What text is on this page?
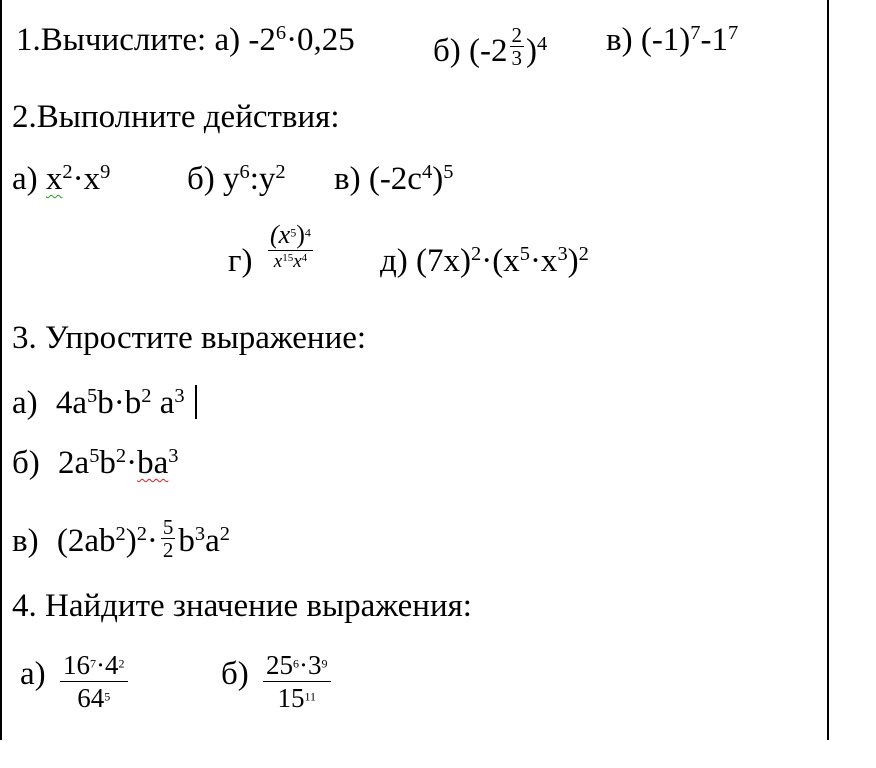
1.Вычислите: а) $-2^6\cdot 0,25$ б) $(-2 \frac{2}{3} )^4$ в) $(-1)^7-1^7$
2.Выполните действия:
а) $x^2\cdot x^9$ б) $y^6:y^2$ в) $(-2c^4)^5$
г)
$(x^5)^4$
$x^{15}x^4$ д) $(7x)^2\cdot(x^5\cdot x^3)^2$
3. Упростите выражение:
а) $4a^5b\cdot b^2$ $a^3$
б) $2a^5b^2\cdot ba^3$
в) $(2ab^2)^2\cdot \frac{5}{2} b^3a^2$
4. Найдите значение выражения:
$а) \frac{16^7\cdot 4^2}{64^5}$	$б) \frac{25^6\cdot 3^9}{15^{11}}$
